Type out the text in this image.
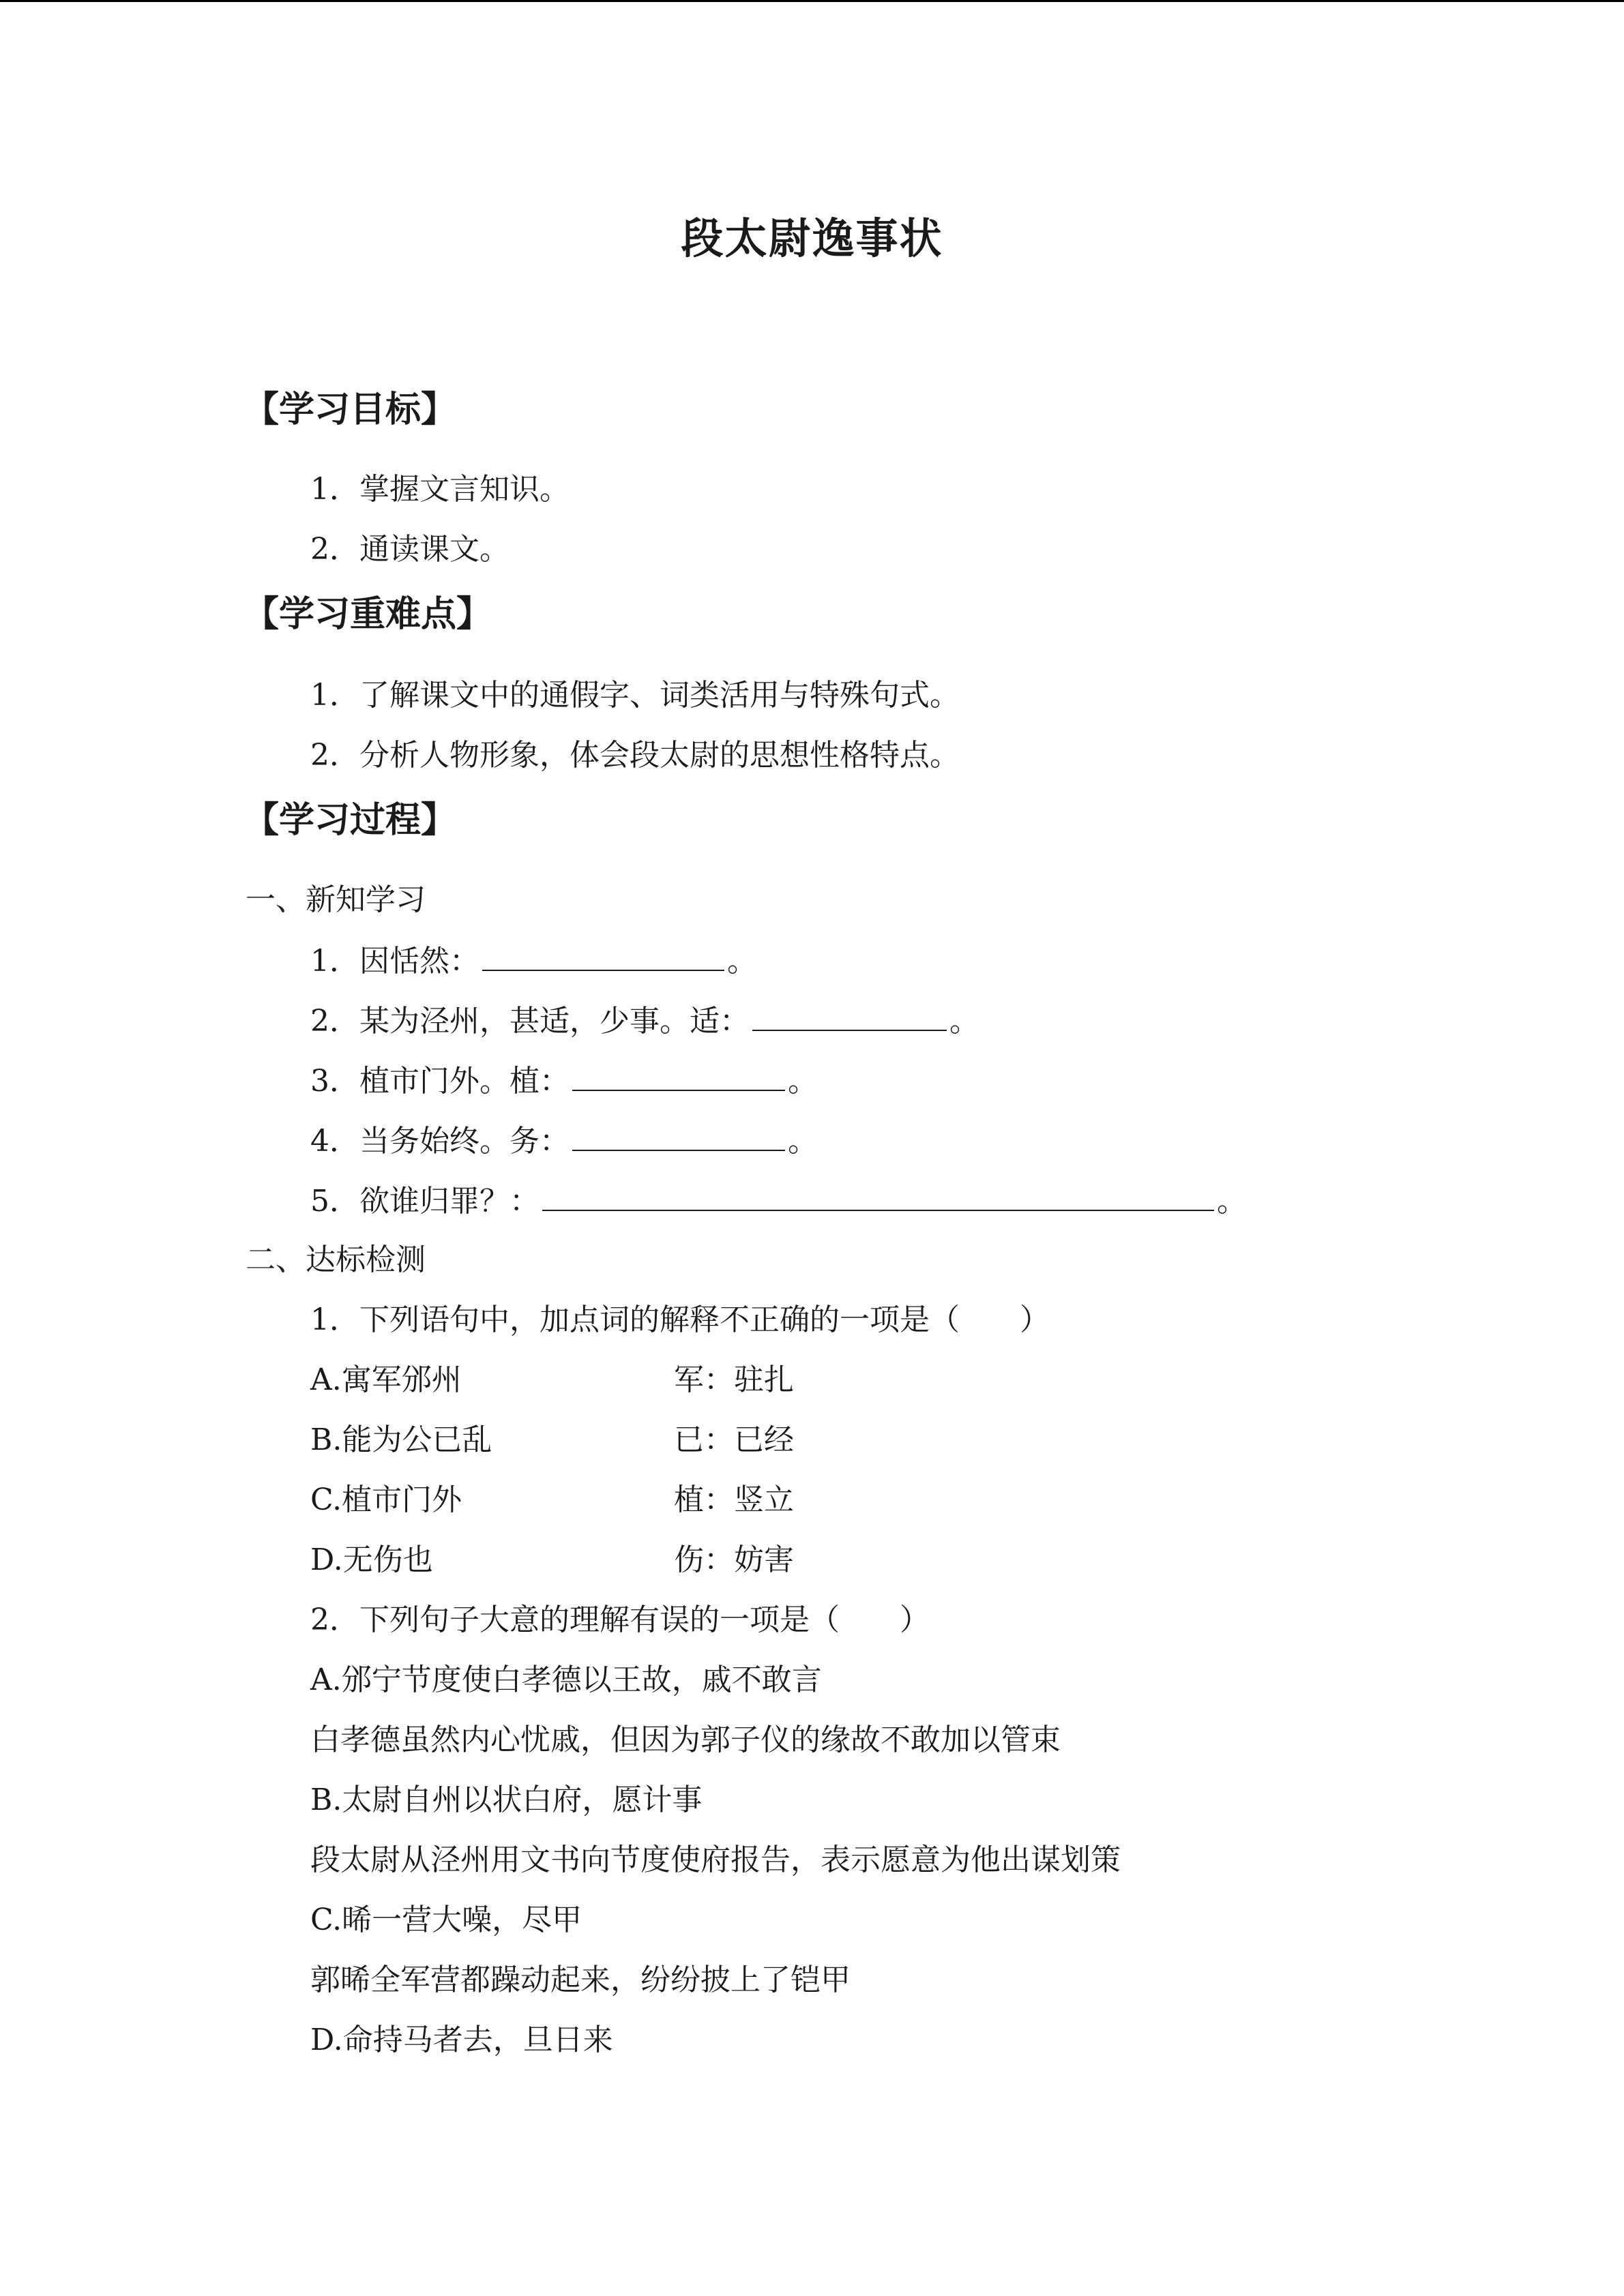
段太尉逸事状
【学习目标】
1．掌握文言知识。
2．通读课文。
【学习重难点】
1．了解课文中的通假字、词类活用与特殊句式。
2．分析人物形象，体会段太尉的思想性格特点。
【学习过程】
一、新知学习
1．因恬然：	。
2．某为泾州，甚适，少事。适：	。
3．植市门外。植：	。
4．当务始终。务：	。
5．欲谁归罪？：	。
二、达标检测
1．下列语句中，加点词的解释不正确的一项是（　　）
A.寓军邠州	军：驻扎
B.能为公已乱	已：已经
C.植市门外	植：竖立
D.无伤也	伤：妨害
2．下列句子大意的理解有误的一项是（　　）
A.邠宁节度使白孝德以王故，戚不敢言
白孝德虽然内心忧戚，但因为郭子仪的缘故不敢加以管束
B.太尉自州以状白府，愿计事
段太尉从泾州用文书向节度使府报告，表示愿意为他出谋划策
C.晞一营大噪，尽甲
郭晞全军营都躁动起来，纷纷披上了铠甲
D.命持马者去，旦日来
